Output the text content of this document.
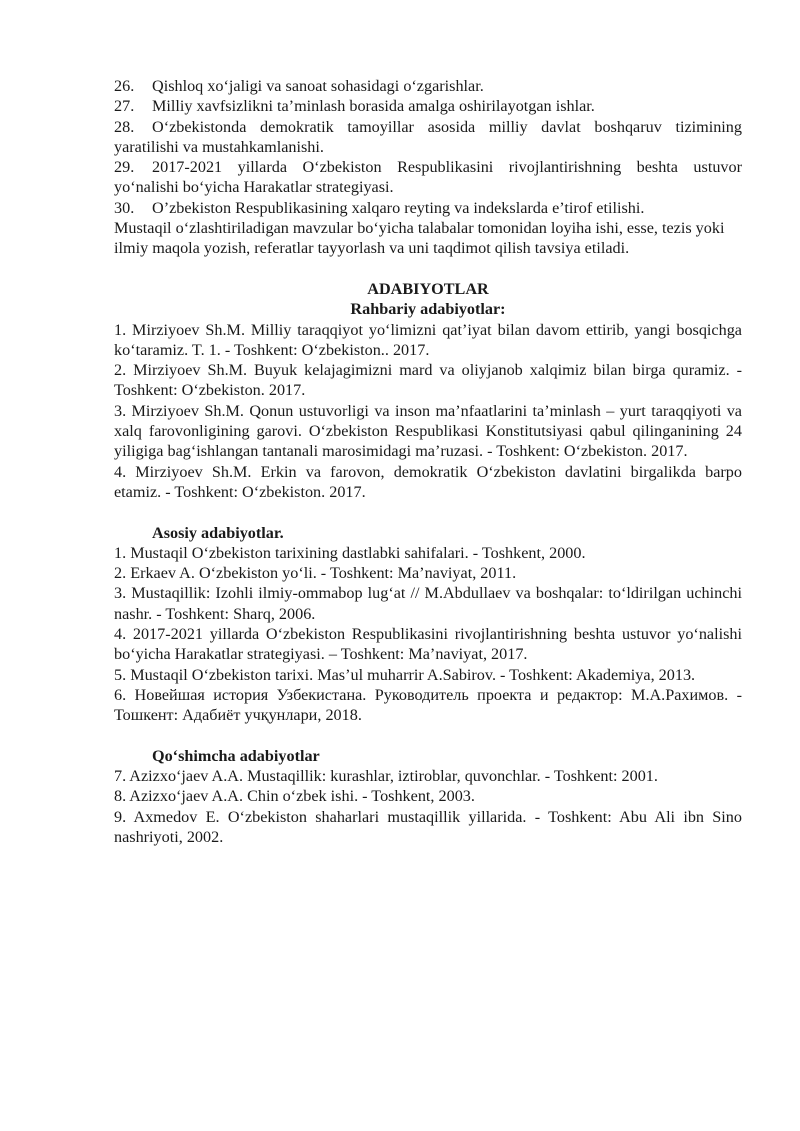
26. Qishloq xo‘jaligi va sanoat sohasidagi o‘zgarishlar.

27. Milliy xavfsizlikni ta’minlash borasida amalga oshirilayotgan ishlar.

28. O‘zbekistonda demokratik tamoyillar asosida milliy davlat boshqaruv tizimining yaratilishi va mustahkamlanishi.

29. 2017-2021 yillarda O‘zbekiston Respublikasini rivojlantirishning beshta ustuvor yo‘nalishi bo‘yicha Harakatlar strategiyasi.

30. O’zbekiston Respublikasining xalqaro reyting va indekslarda e’tirof etilishi.

Mustaqil o‘zlashtiriladigan mavzular bo‘yicha talabalar tomonidan loyiha ishi, esse, tezis yoki ilmiy maqola yozish, referatlar tayyorlash va uni taqdimot qilish tavsiya etiladi.

ADABIYOTLAR

Rahbariy adabiyotlar:

1. Mirziyoev Sh.M. Milliy taraqqiyot yo‘limizni qat’iyat bilan davom ettirib, yangi bosqichga ko‘taramiz. T. 1. - Toshkent: O‘zbekiston.. 2017.

2. Mirziyoev Sh.M. Buyuk kelajagimizni mard va oliyjanob xalqimiz bilan birga quramiz. - Toshkent: O‘zbekiston. 2017.

3. Mirziyoev Sh.M. Qonun ustuvorligi va inson ma’nfaatlarini ta’minlash – yurt taraqqiyoti va xalq farovonligining garovi. O‘zbekiston Respublikasi Konstitutsiyasi qabul qilinganining 24 yiligiga bag‘ishlangan tantanali marosimidagi ma’ruzasi. - Toshkent: O‘zbekiston. 2017.

4. Mirziyoev Sh.M. Erkin va farovon, demokratik O‘zbekiston davlatini birgalikda barpo etamiz. - Toshkent: O‘zbekiston. 2017.

Asosiy adabiyotlar.

1. Mustaqil O‘zbekiston tarixining dastlabki sahifalari. - Toshkent, 2000.

2. Erkaev A. O‘zbekiston yo‘li. - Toshkent: Ma’naviyat, 2011.

3. Mustaqillik: Izohli ilmiy-ommabop lug‘at // M.Abdullaev va boshqalar: to‘ldirilgan uchinchi nashr. - Toshkent: Sharq, 2006.

4. 2017-2021 yillarda O‘zbekiston Respublikasini rivojlantirishning beshta ustuvor yo‘nalishi bo‘yicha Harakatlar strategiyasi. – Toshkent: Ma’naviyat, 2017.

5. Mustaqil O‘zbekiston tarixi. Mas’ul muharrir A.Sabirov. - Toshkent: Akademiya, 2013.

6. Новейшая история Узбекистана. Руководитель проекта и редактор: М.А.Рахимов. - Тошкент: Адабиёт учқунлари, 2018.

Qo‘shimcha adabiyotlar

7. Azizxo‘jaev A.A. Mustaqillik: kurashlar, iztiroblar, quvonchlar. - Toshkent: 2001.

8. Azizxo‘jaev A.A. Chin o‘zbek ishi. - Toshkent, 2003.

9. Axmedov E. O‘zbekiston shaharlari mustaqillik yillarida. - Toshkent: Abu Ali ibn Sino nashriyoti, 2002.
